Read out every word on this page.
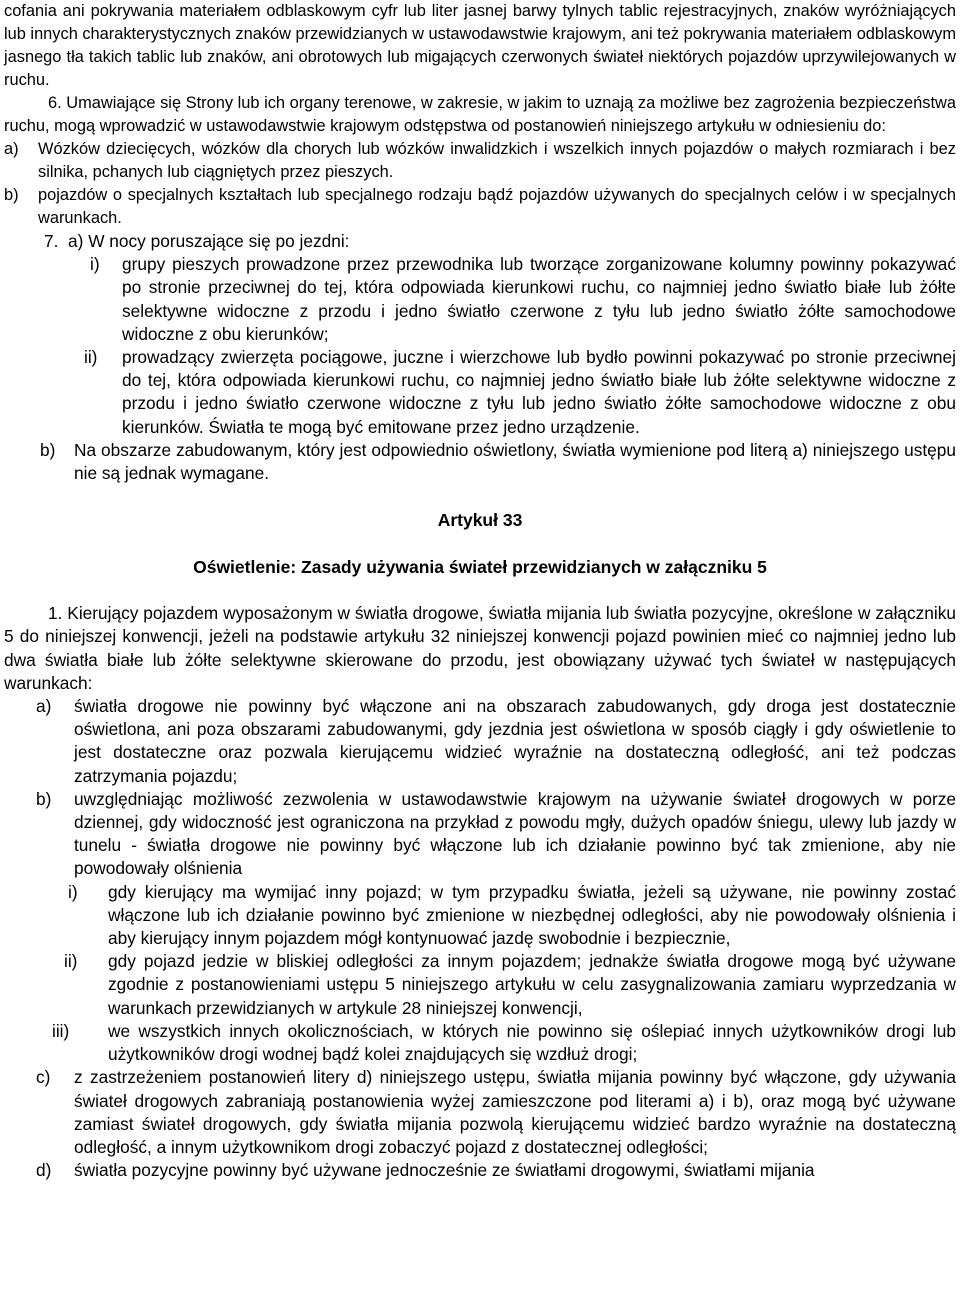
cofania ani pokrywania materiałem odblaskowym cyfr lub liter jasnej barwy tylnych tablic rejestracyjnych, znaków wyróżniających lub innych charakterystycznych znaków przewidzianych w ustawodawstwie krajowym, ani też pokrywania materiałem odblaskowym jasnego tła takich tablic lub znaków, ani obrotowych lub migających czerwonych świateł niektórych pojazdów uprzywilejowanych w ruchu.

6. Umawiające się Strony lub ich organy terenowe, w zakresie, w jakim to uznają za możliwe bez zagrożenia bezpieczeństwa ruchu, mogą wprowadzić w ustawodawstwie krajowym odstępstwa od postanowień niniejszego artykułu w odniesieniu do:

a) Wózków dziecięcych, wózków dla chorych lub wózków inwalidzkich i wszelkich innych pojazdów o małych rozmiarach i bez silnika, pchanych lub ciągniętych przez pieszych.

b) pojazdów o specjalnych kształtach lub specjalnego rodzaju bądź pojazdów używanych do specjalnych celów i w specjalnych warunkach.

7. a) W nocy poruszające się po jezdni:

i) grupy pieszych prowadzone przez przewodnika lub tworzące zorganizowane kolumny powinny pokazywać po stronie przeciwnej do tej, która odpowiada kierunkowi ruchu, co najmniej jedno światło białe lub żółte selektywne widoczne z przodu i jedno światło czerwone z tyłu lub jedno światło żółte samochodowe widoczne z obu kierunków;

ii) prowadzący zwierzęta pociągowe, juczne i wierzchowe lub bydło powinni pokazywać po stronie przeciwnej do tej, która odpowiada kierunkowi ruchu, co najmniej jedno światło białe lub żółte selektywne widoczne z przodu i jedno światło czerwone widoczne z tyłu lub jedno światło żółte samochodowe widoczne z obu kierunków. Światła te mogą być emitowane przez jedno urządzenie.

b) Na obszarze zabudowanym, który jest odpowiednio oświetlony, światła wymienione pod literą a) niniejszego ustępu nie są jednak wymagane.

Artykuł 33

Oświetlenie: Zasady używania świateł przewidzianych w załączniku 5

1. Kierujący pojazdem wyposażonym w światła drogowe, światła mijania lub światła pozycyjne, określone w załączniku 5 do niniejszej konwencji, jeżeli na podstawie artykułu 32 niniejszej konwencji pojazd powinien mieć co najmniej jedno lub dwa światła białe lub żółte selektywne skierowane do przodu, jest obowiązany używać tych świateł w następujących warunkach:

a) światła drogowe nie powinny być włączone ani na obszarach zabudowanych, gdy droga jest dostatecznie oświetlona, ani poza obszarami zabudowanymi, gdy jezdnia jest oświetlona w sposób ciągły i gdy oświetlenie to jest dostateczne oraz pozwala kierującemu widzieć wyraźnie na dostateczną odległość, ani też podczas zatrzymania pojazdu;

b) uwzględniając możliwość zezwolenia w ustawodawstwie krajowym na używanie świateł drogowych w porze dziennej, gdy widoczność jest ograniczona na przykład z powodu mgły, dużych opadów śniegu, ulewy lub jazdy w tunelu - światła drogowe nie powinny być włączone lub ich działanie powinno być tak zmienione, aby nie powodowały olśnienia

i) gdy kierujący ma wymijać inny pojazd; w tym przypadku światła, jeżeli są używane, nie powinny zostać włączone lub ich działanie powinno być zmienione w niezbędnej odległości, aby nie powodowały olśnienia i aby kierujący innym pojazdem mógł kontynuować jazdę swobodnie i bezpiecznie,

ii) gdy pojazd jedzie w bliskiej odległości za innym pojazdem; jednakże światła drogowe mogą być używane zgodnie z postanowieniami ustępu 5 niniejszego artykułu w celu zasygnalizowania zamiaru wyprzedzania w warunkach przewidzianych w artykule 28 niniejszej konwencji,

iii) we wszystkich innych okolicznościach, w których nie powinno się oślepiać innych użytkowników drogi lub użytkowników drogi wodnej bądź kolei znajdujących się wzdłuż drogi;

c) z zastrzeżeniem postanowień litery d) niniejszego ustępu, światła mijania powinny być włączone, gdy używania świateł drogowych zabraniają postanowienia wyżej zamieszczone pod literami a) i b), oraz mogą być używane zamiast świateł drogowych, gdy światła mijania pozwolą kierującemu widzieć bardzo wyraźnie na dostateczną odległość, a innym użytkownikom drogi zobaczyć pojazd z dostatecznej odległości;

d) światła pozycyjne powinny być używane jednocześnie ze światłami drogowymi, światłami mijania
